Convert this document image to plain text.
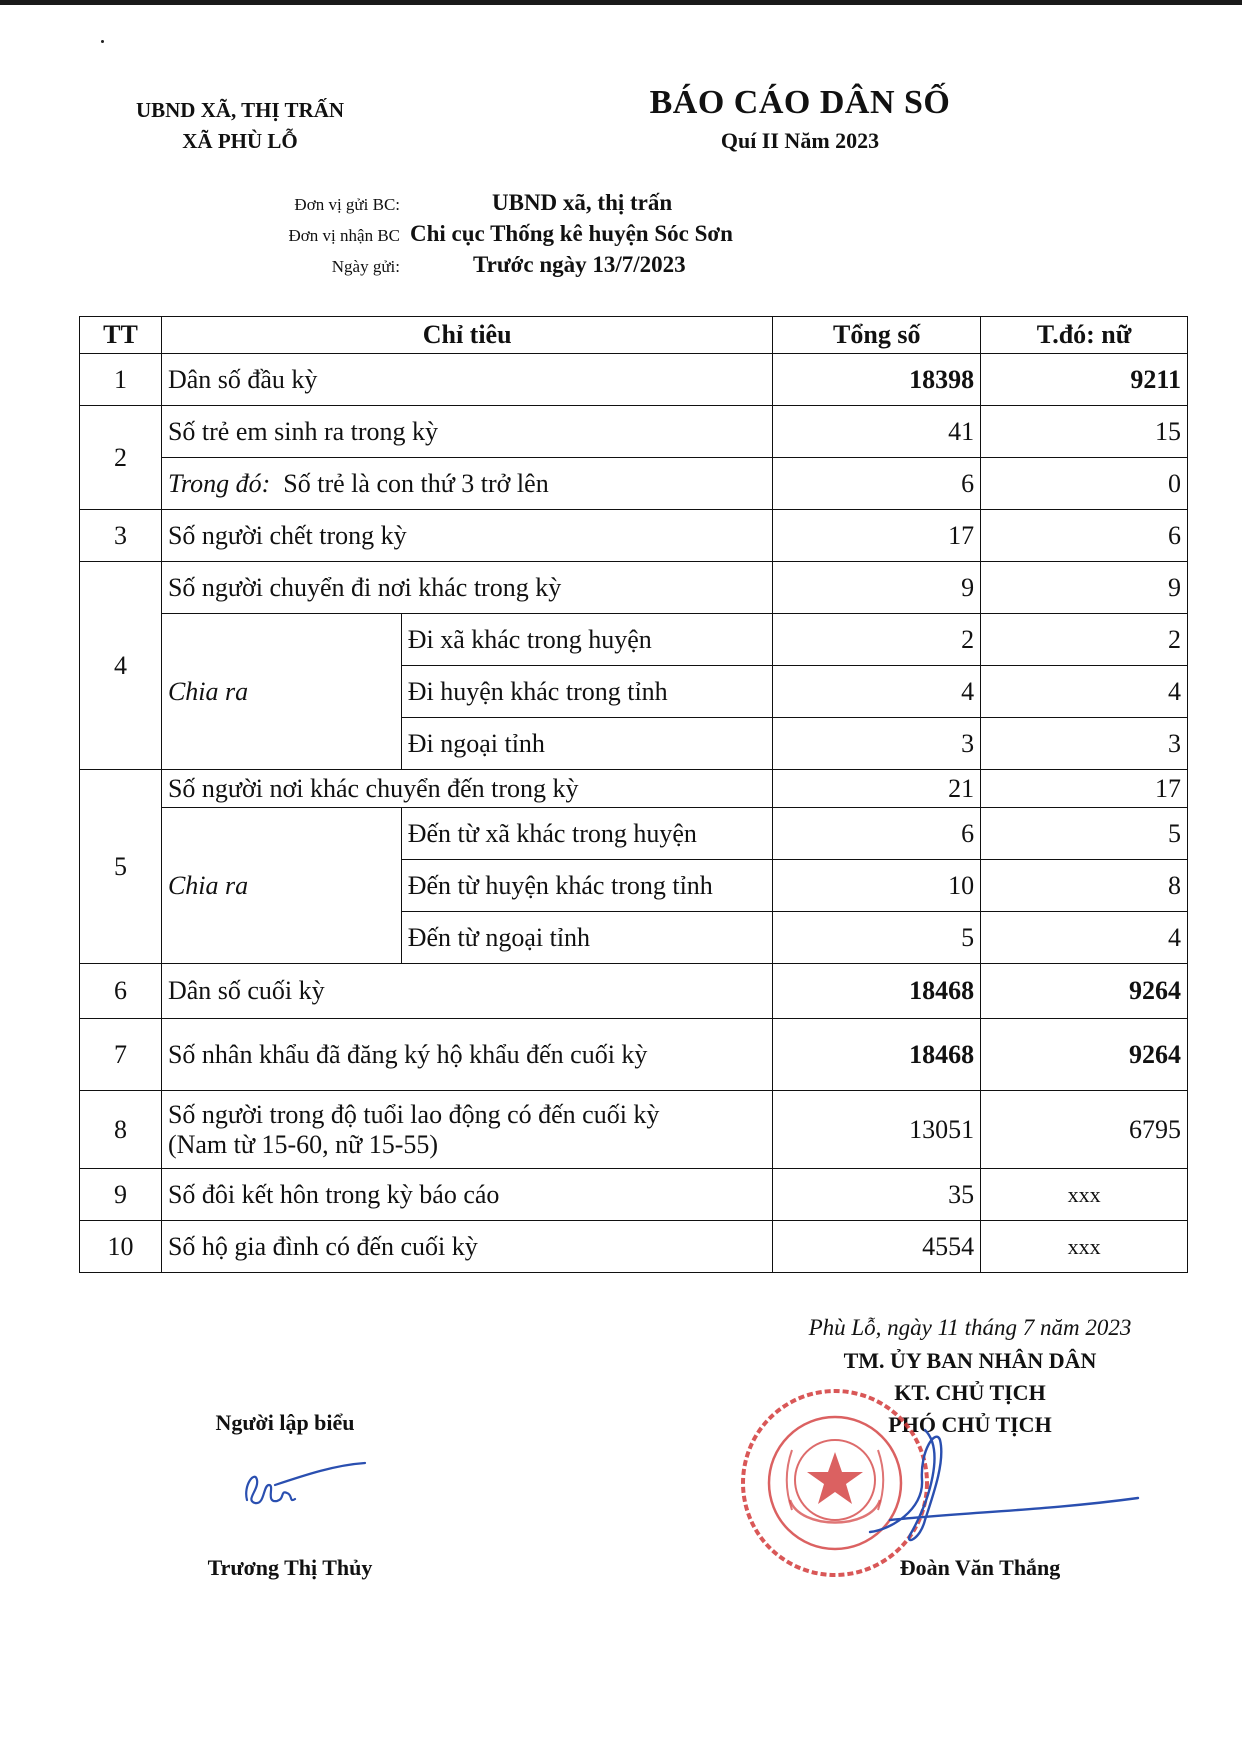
UBND XÃ, THỊ TRẤN
XÃ PHÙ LỖ
BÁO CÁO DÂN SỐ
Quí II Năm 2023
Đơn vị gửi BC:	UBND xã, thị trấn
Đơn vị nhận BC Chi cục Thống kê huyện Sóc Sơn
Ngày gửi:	Trước ngày 13/7/2023
TT	Chỉ tiêu		Tổng số	T.đó: nữ
1	Dân số đầu kỳ		18398	9211
2	Số trẻ em sinh ra trong kỳ		41	15
	Trong đó: Số trẻ là con thứ 3 trở lên		6	0
3	Số người chết trong kỳ		17	6
4	Số người chuyển đi nơi khác trong kỳ		9	9
	Chia ra	Đi xã khác trong huyện	2	2
		Đi huyện khác trong tỉnh	4	4
		Đi ngoại tỉnh	3	3
5	Số người nơi khác chuyển đến trong kỳ		21	17
	Chia ra	Đến từ xã khác trong huyện	6	5
		Đến từ huyện khác trong tỉnh	10	8
		Đến từ ngoại tỉnh	5	4
6	Dân số cuối kỳ		18468	9264
7	Số nhân khẩu đã đăng ký hộ khẩu đến cuối kỳ		18468	9264
8	Số người trong độ tuổi lao động có đến cuối kỳ
(Nam từ 15-60, nữ 15-55)		13051	6795
9	Số đôi kết hôn trong kỳ báo cáo		35	xxx
10	Số hộ gia đình có đến cuối kỳ		4554	xxx
Phù Lỗ, ngày 11 tháng 7 năm 2023
TM. ỦY BAN NHÂN DÂN
KT. CHỦ TỊCH
PHÓ CHỦ TỊCH
Người lập biểu
Trương Thị Thủy	Đoàn Văn Thắng
